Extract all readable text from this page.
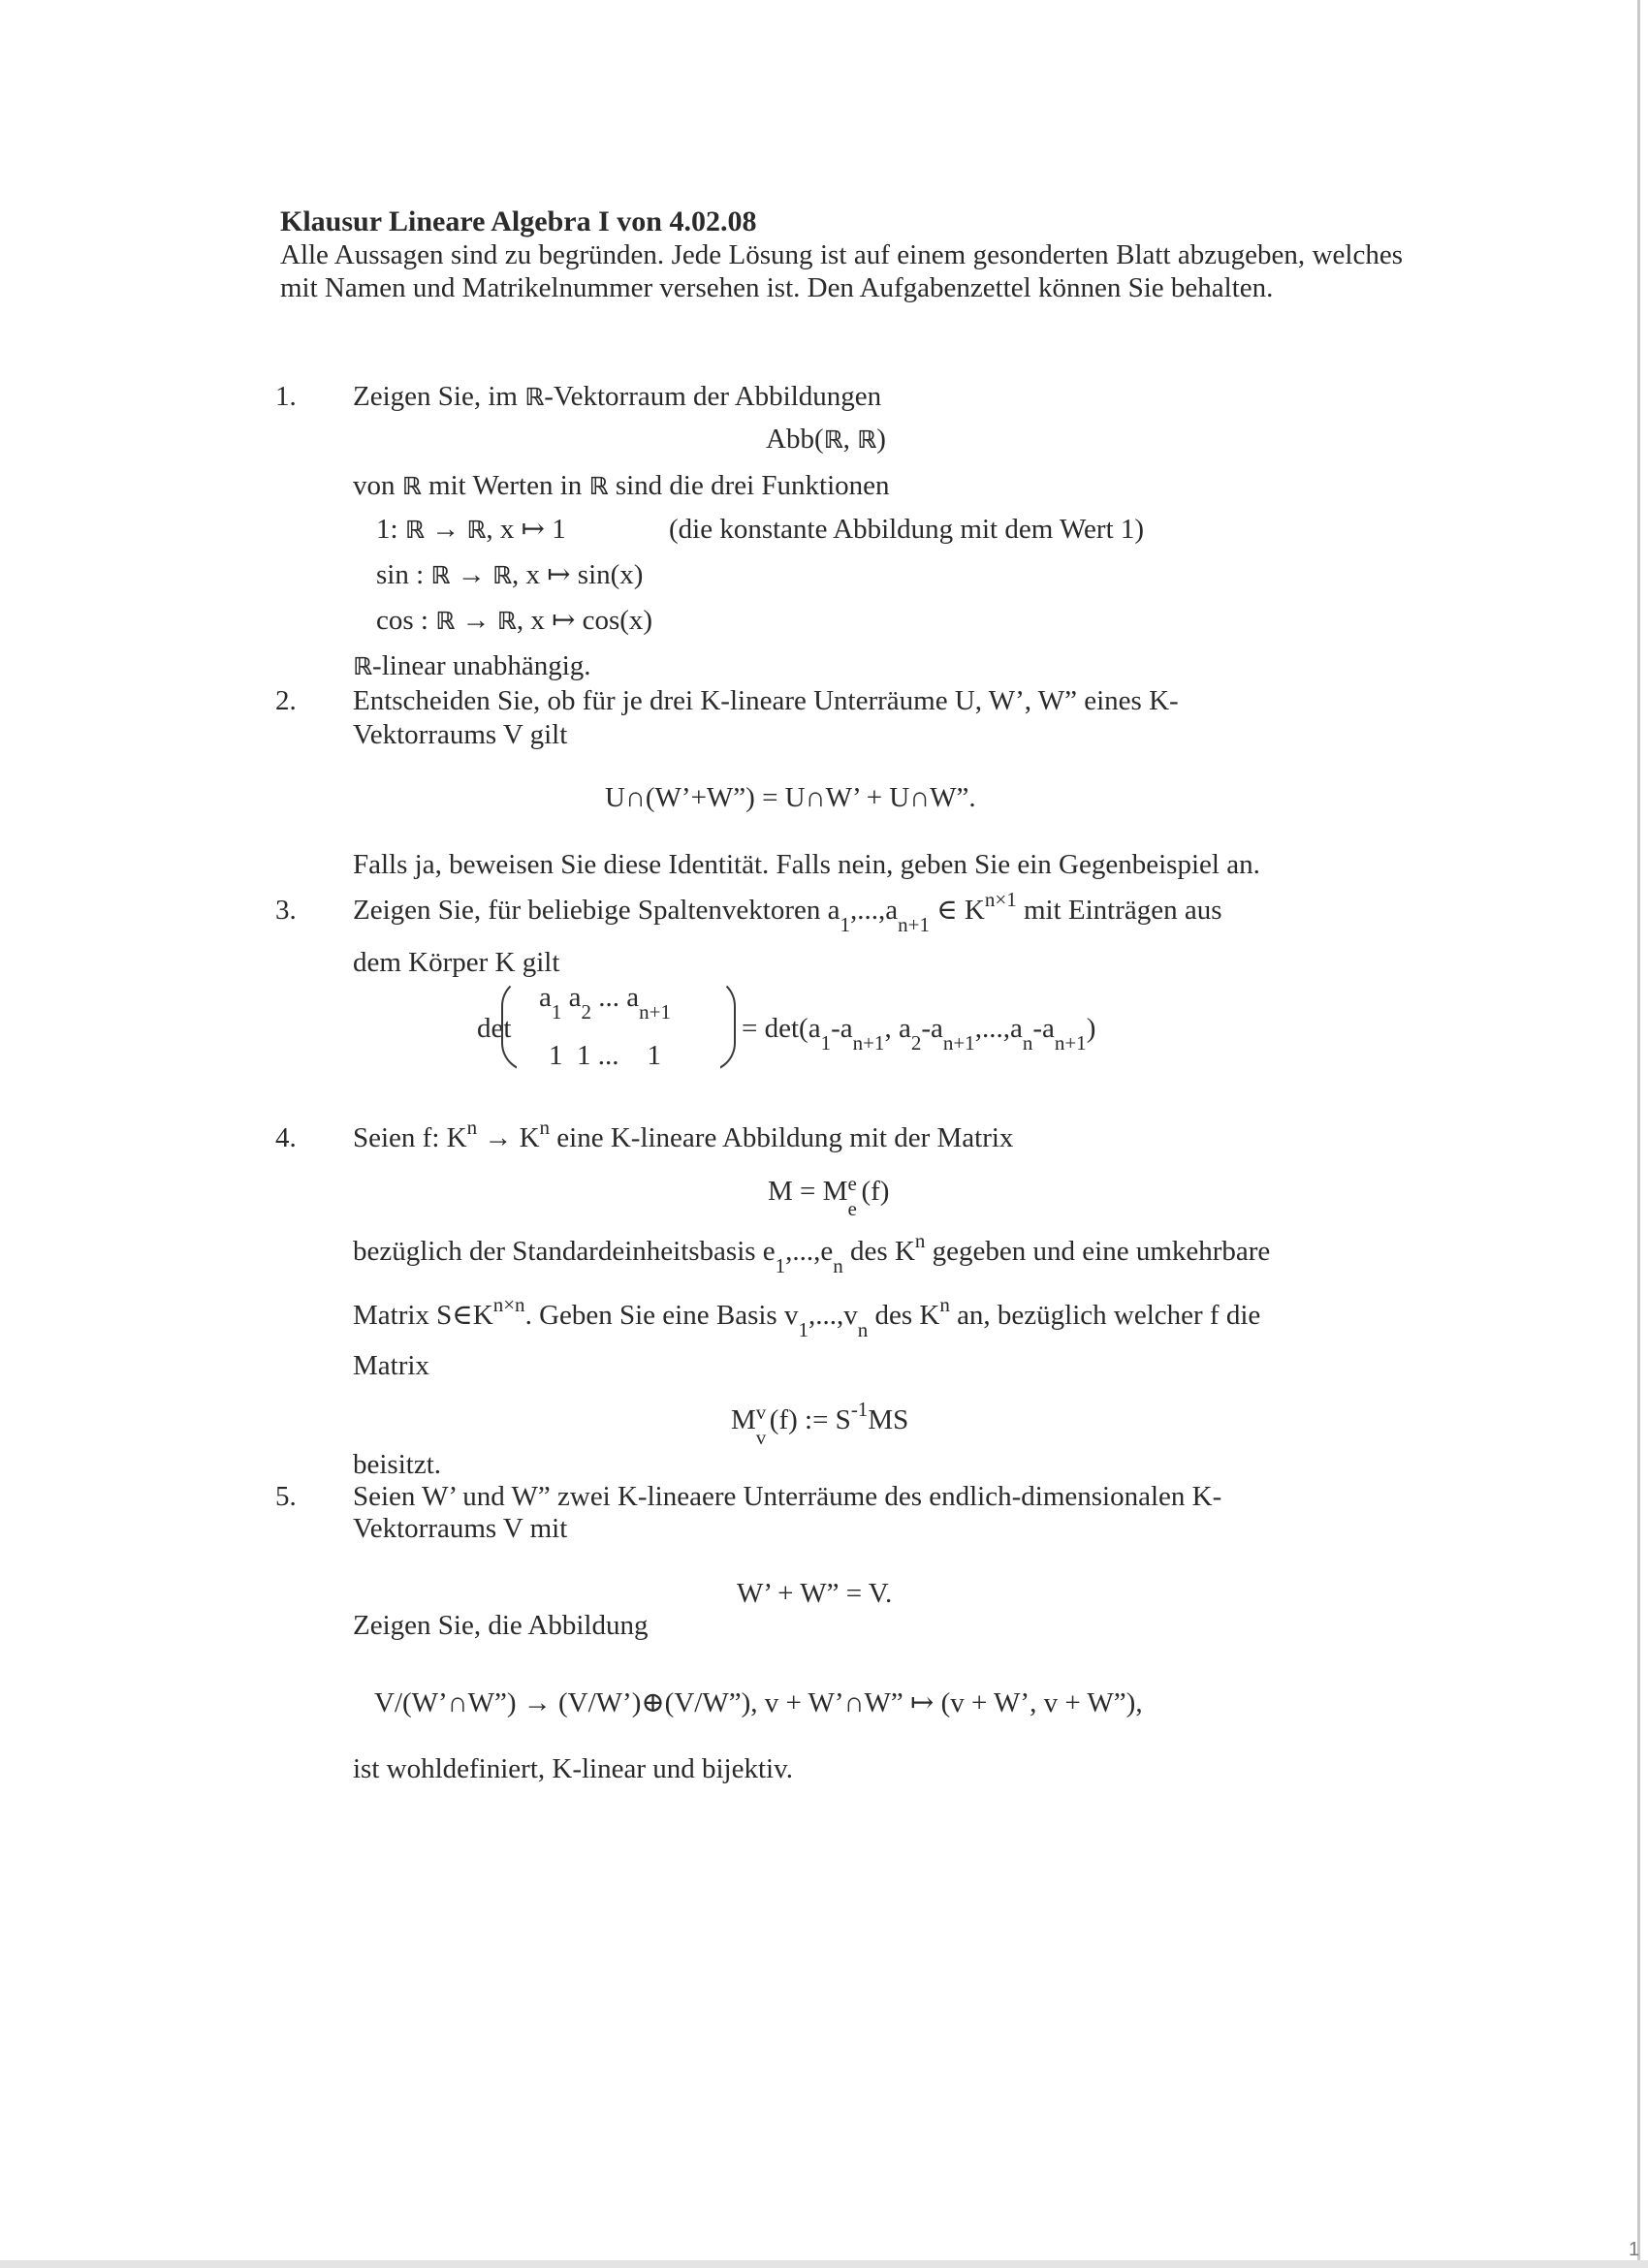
Klausur Lineare Algebra I von 4.02.08
Alle Aussagen sind zu begründen. Jede Lösung ist auf einem gesonderten Blatt abzugeben, welches mit Namen und Matrikelnummer versehen ist. Den Aufgabenzettel können Sie behalten.
1. Zeigen Sie, im ℝ-Vektorraum der Abbildungen
Abb(ℝ, ℝ)
von ℝ mit Werten in ℝ sind die drei Funktionen
1: ℝ → ℝ, x ↦ 1	(die konstante Abbildung mit dem Wert 1)
sin : ℝ → ℝ, x ↦ sin(x)
cos : ℝ → ℝ, x ↦ cos(x)
ℝ-linear unabhängig.
2. Entscheiden Sie, ob für je drei K-lineare Unterräume U, W’, W” eines K-
Vektorraums V gilt
U∩(W’+W”) = U∩W’ + U∩W”.
Falls ja, beweisen Sie diese Identität. Falls nein, geben Sie ein Gegenbeispiel an.
3. Zeigen Sie, für beliebige Spaltenvektoren $a_1,...,a_{n+1}$ ∈ $K^{n\times 1}$ mit Einträgen aus
dem Körper K gilt
det
$a_1$ $a_2$ ... $a_{n+1}$
1  1 ...    1
= $\det(a_1-a_{n+1}$, $a_2-a_{n+1},...,a_n-a_{n+1}$)
4. Seien f: $K^n \to K^n$ eine K-lineare Abbildung mit der Matrix
M = M e
e
(f)
bezüglich der Standardeinheitsbasis $e_1,...,e_n$ des $K^n$ gegeben und eine umkehrbare
Matrix $S\in K^{n\times n}$. Geben Sie eine Basis $v_1,...,v_n$ des $K^n$ an, bezüglich welcher f die
Matrix
M v
v
(f) := $S^{-1}MS$
beisitzt.
5. Seien W’ und W” zwei K-lineaere Unterräume des endlich-dimensionalen K-
Vektorraums V mit
W’ + W” = V.
Zeigen Sie, die Abbildung
V/(W’∩W”) → (V/W’)⊕(V/W”), v + W’∩W” ↦ (v + W’, v + W”),
ist wohldefiniert, K-linear und bijektiv.
1
